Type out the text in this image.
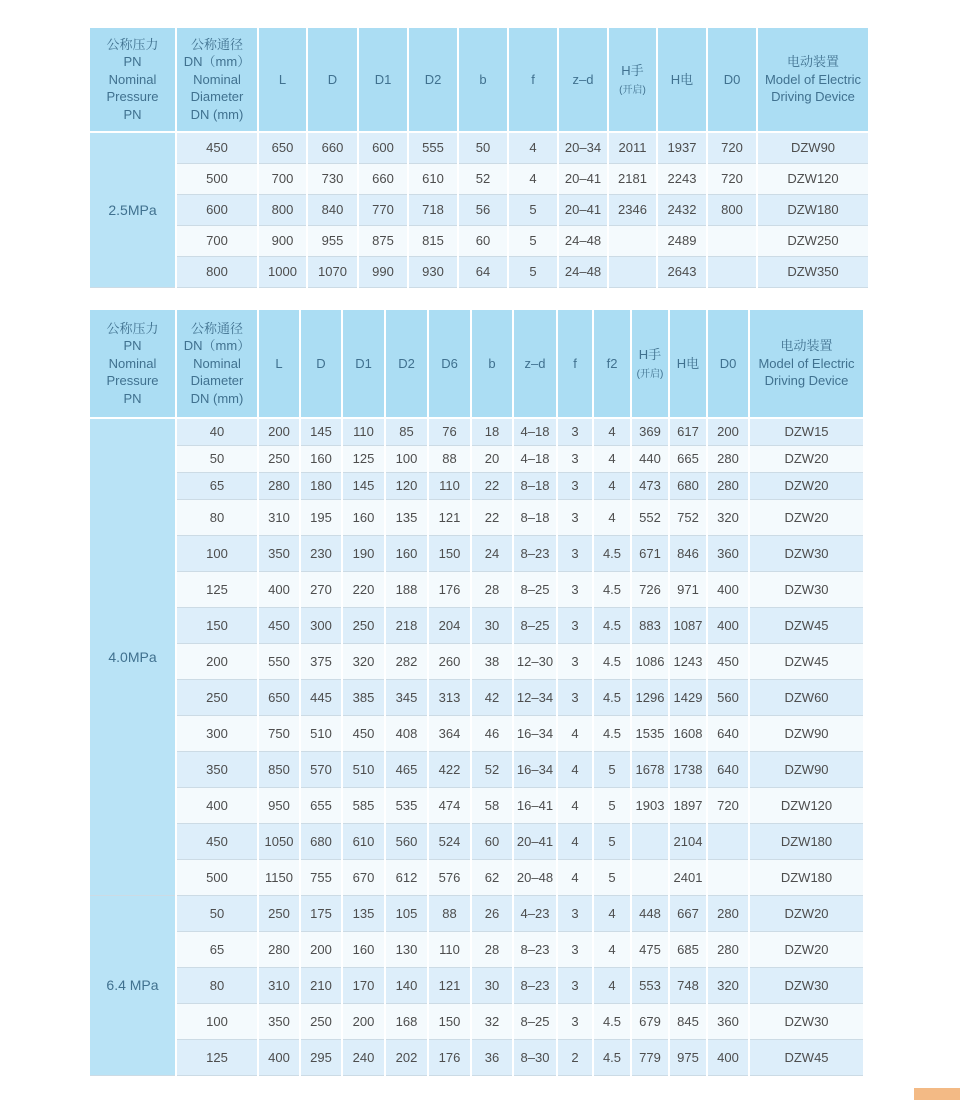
公称压力
PN
Nominal
Pressure
PN	公称通径
DN（mm）
Nominal
Diameter
DN (mm)	L	D	D1	D2	b	f	z–d	H手
(开启)	H电	D0	电动装置
Model of Electric
Driving Device
2.5MPa	450	650	660	600	555	50	4	20–34	2011	1937	720	DZW90
	500	700	730	660	610	52	4	20–41	2181	2243	720	DZW120
	600	800	840	770	718	56	5	20–41	2346	2432	800	DZW180
	700	900	955	875	815	60	5	24–48		2489		DZW250
	800	1000	1070	990	930	64	5	24–48		2643		DZW350
公称压力
PN
Nominal
Pressure
PN	公称通径
DN（mm）
Nominal
Diameter
DN (mm)	L	D	D1	D2	D6	b	z–d	f	f2	H手
(开启)	H电	D0	电动装置
Model of Electric
Driving Device
4.0MPa	40	200	145	110	85	76	18	4–18	3	4	369	617	200	DZW15
	50	250	160	125	100	88	20	4–18	3	4	440	665	280	DZW20
	65	280	180	145	120	110	22	8–18	3	4	473	680	280	DZW20
	80	310	195	160	135	121	22	8–18	3	4	552	752	320	DZW20
	100	350	230	190	160	150	24	8–23	3	4.5	671	846	360	DZW30
	125	400	270	220	188	176	28	8–25	3	4.5	726	971	400	DZW30
	150	450	300	250	218	204	30	8–25	3	4.5	883	1087	400	DZW45
	200	550	375	320	282	260	38	12–30	3	4.5	1086	1243	450	DZW45
	250	650	445	385	345	313	42	12–34	3	4.5	1296	1429	560	DZW60
	300	750	510	450	408	364	46	16–34	4	4.5	1535	1608	640	DZW90
	350	850	570	510	465	422	52	16–34	4	5	1678	1738	640	DZW90
	400	950	655	585	535	474	58	16–41	4	5	1903	1897	720	DZW120
	450	1050	680	610	560	524	60	20–41	4	5		2104		DZW180
	500	1150	755	670	612	576	62	20–48	4	5		2401		DZW180
6.4 MPa	50	250	175	135	105	88	26	4–23	3	4	448	667	280	DZW20
	65	280	200	160	130	110	28	8–23	3	4	475	685	280	DZW20
	80	310	210	170	140	121	30	8–23	3	4	553	748	320	DZW30
	100	350	250	200	168	150	32	8–25	3	4.5	679	845	360	DZW30
	125	400	295	240	202	176	36	8–30	2	4.5	779	975	400	DZW45
